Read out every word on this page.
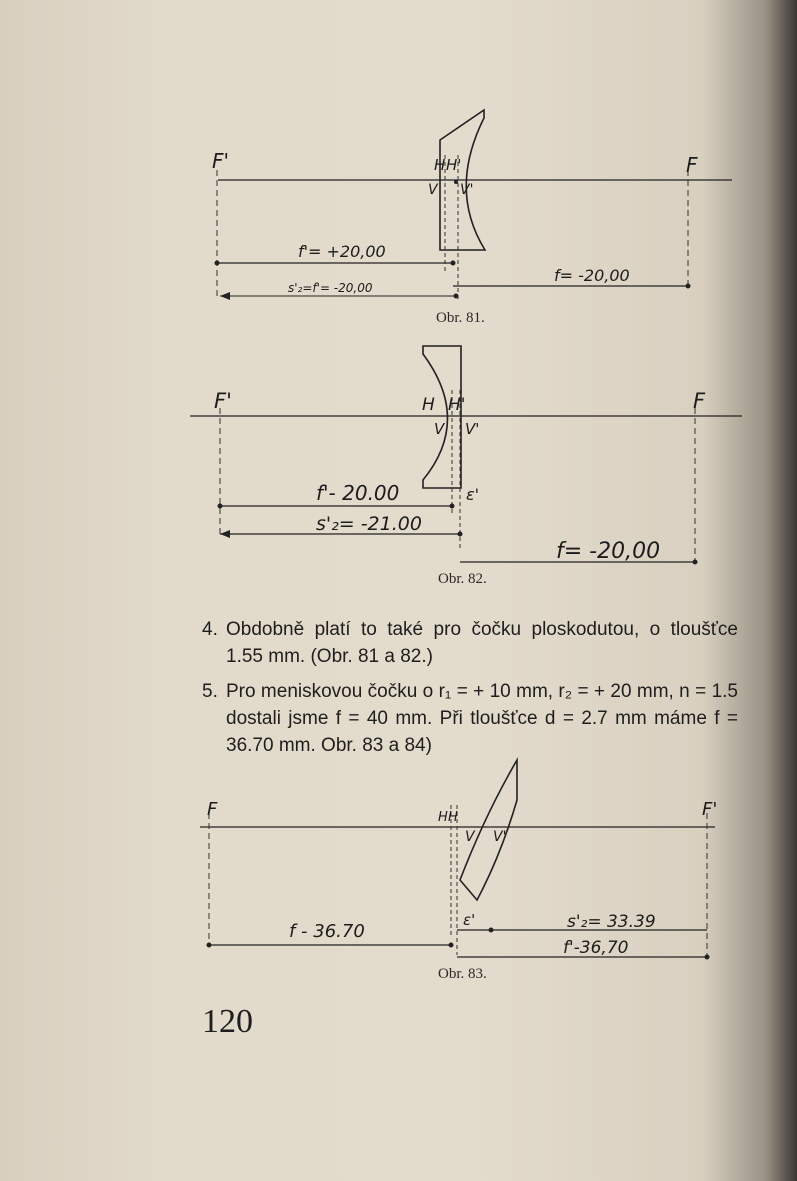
F'	F
H H'
V V'
f'= +20,00
s'₂=f'= -20,00
f= -20,00
Obr. 81.
F'	F
H H'
V V'
f'- 20.00
s'₂= -21.00
ε'
f= -20,00
Obr. 82.
4. Obdobně platí to také pro čočku ploskodutou, o tloušťce 1.55 mm. (Obr. 81 a 82.)
5. Pro meniskovou čočku o r₁ = + 10 mm, r₂ = + 20 mm, n = 1.5 dostali jsme f = 40 mm. Při tloušťce d = 2.7 mm máme f = 36.70 mm. Obr. 83 a 84)
F	F'
H H
V V'
f - 36.70
ε'	s'₂= 33.39
f'-36,70
Obr. 83.
120
